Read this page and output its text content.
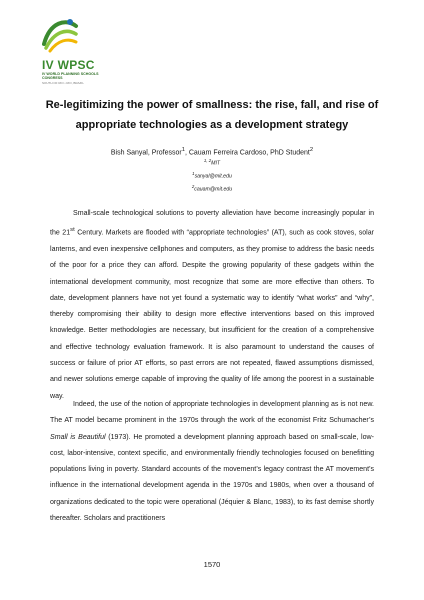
IV WPSC
IV WORLD PLANNING SCHOOLS CONGRESS
SOUTH OF RIO • RIO, BRAZIL
Re-legitimizing the power of smallness: the rise, fall, and rise of appropriate technologies as a development strategy
Bish Sanyal, Professor$^1$, Cauam Ferreira Cardoso, PhD Student$^2$
$^{1, 2}$MIT
$^1$sanyal@mit.edu
$^2$cauam@mit.edu

Small-scale technological solutions to poverty alleviation have become increasingly popular in the 21st Century. Markets are flooded with “appropriate technologies” (AT), such as cook stoves, solar lanterns, and even inexpensive cellphones and computers, as they promise to address the basic needs of the poor for a price they can afford. Despite the growing popularity of these gadgets within the international development community, most recognize that some are more effective than others. To date, development planners have not yet found a systematic way to identify “what works” and “why”, thereby compromising their ability to design more effective interventions based on this improved knowledge. Better methodologies are necessary, but insufficient for the creation of a comprehensive and effective technology evaluation framework. It is also paramount to understand the causes of success or failure of prior AT efforts, so past errors are not repeated, flawed assumptions dismissed, and newer solutions emerge capable of improving the quality of life among the poorest in a sustainable way.

Indeed, the use of the notion of appropriate technologies in development planning as is not new. The AT model became prominent in the 1970s through the work of the economist Fritz Schumacher’s Small is Beautiful (1973). He promoted a development planning approach based on small-scale, low-cost, labor-intensive, context specific, and environmentally friendly technologies focused on benefitting populations living in poverty. Standard accounts of the movement’s legacy contrast the AT movement’s influence in the international development agenda in the 1970s and 1980s, when over a thousand of organizations dedicated to the topic were operational (Jéquier & Blanc, 1983), to its fast demise shortly thereafter. Scholars and practitioners

1570
